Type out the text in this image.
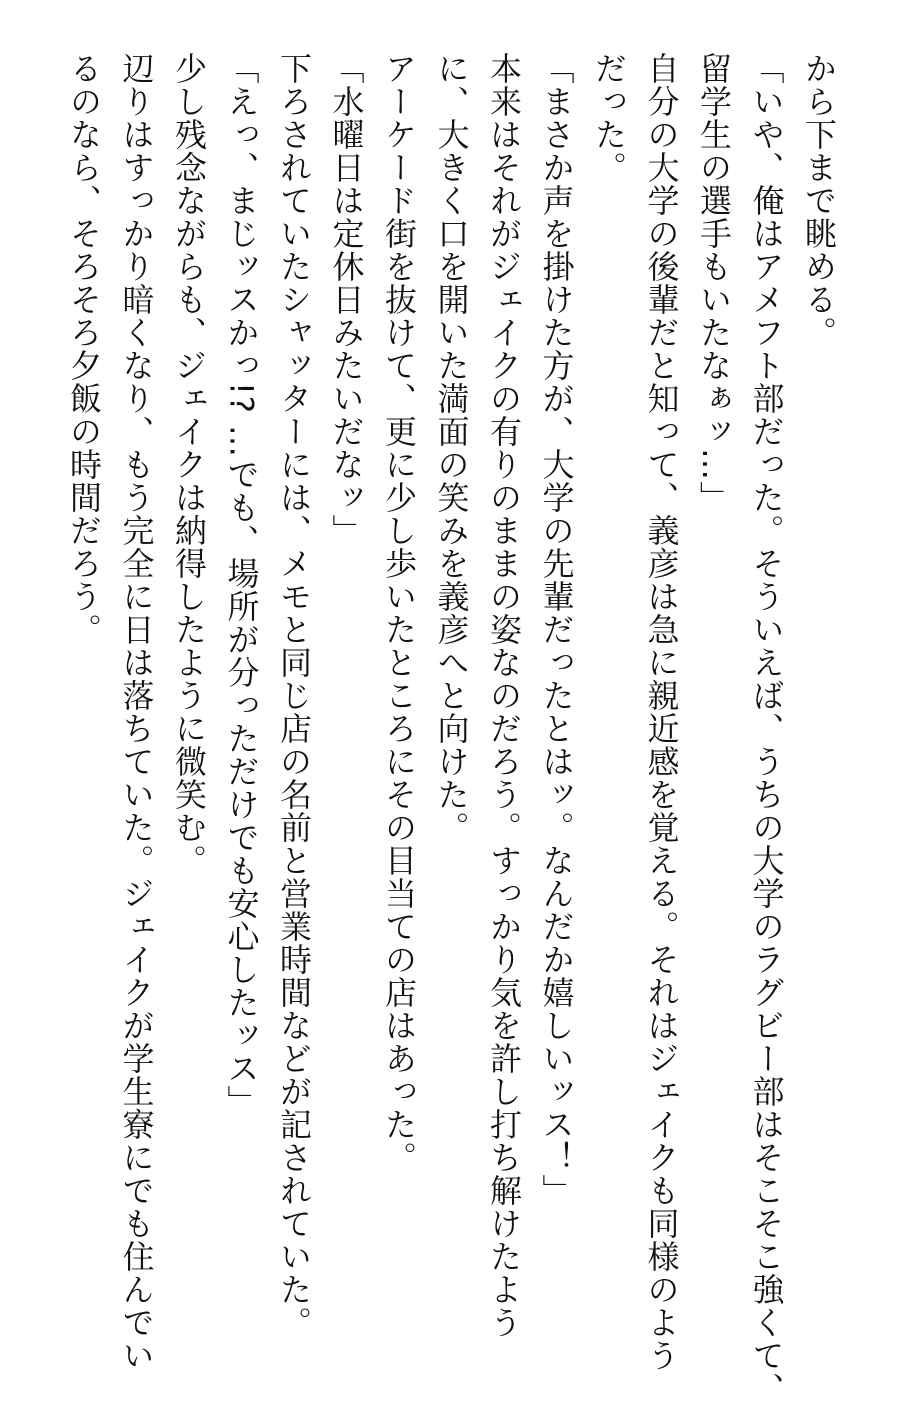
から下まで眺める。
「いや、俺はアメフト部だった。そういえば、うちの大学のラグビー部はそこそこ強くて、
留学生の選手もいたなぁッ…」
自分の大学の後輩だと知って、義彦は急に親近感を覚える。それはジェイクも同様のよう
だった。
「まさか声を掛けた方が、大学の先輩だったとはッ。なんだか嬉しいッス！」
本来はそれがジェイクの有りのままの姿なのだろう。すっかり気を許し打ち解けたよう
に、大きく口を開いた満面の笑みを義彦へと向けた。
アーケード街を抜けて、更に少し歩いたところにその目当ての店はあった。
「水曜日は定休日みたいだなッ」
下ろされていたシャッターには、メモと同じ店の名前と営業時間などが記されていた。
「えっ、まじッスかっ!? …でも、場所が分っただけでも安心したッス」
少し残念ながらも、ジェイクは納得したように微笑む。
辺りはすっかり暗くなり、もう完全に日は落ちていた。ジェイクが学生寮にでも住んでい
るのなら、そろそろ夕飯の時間だろう。
